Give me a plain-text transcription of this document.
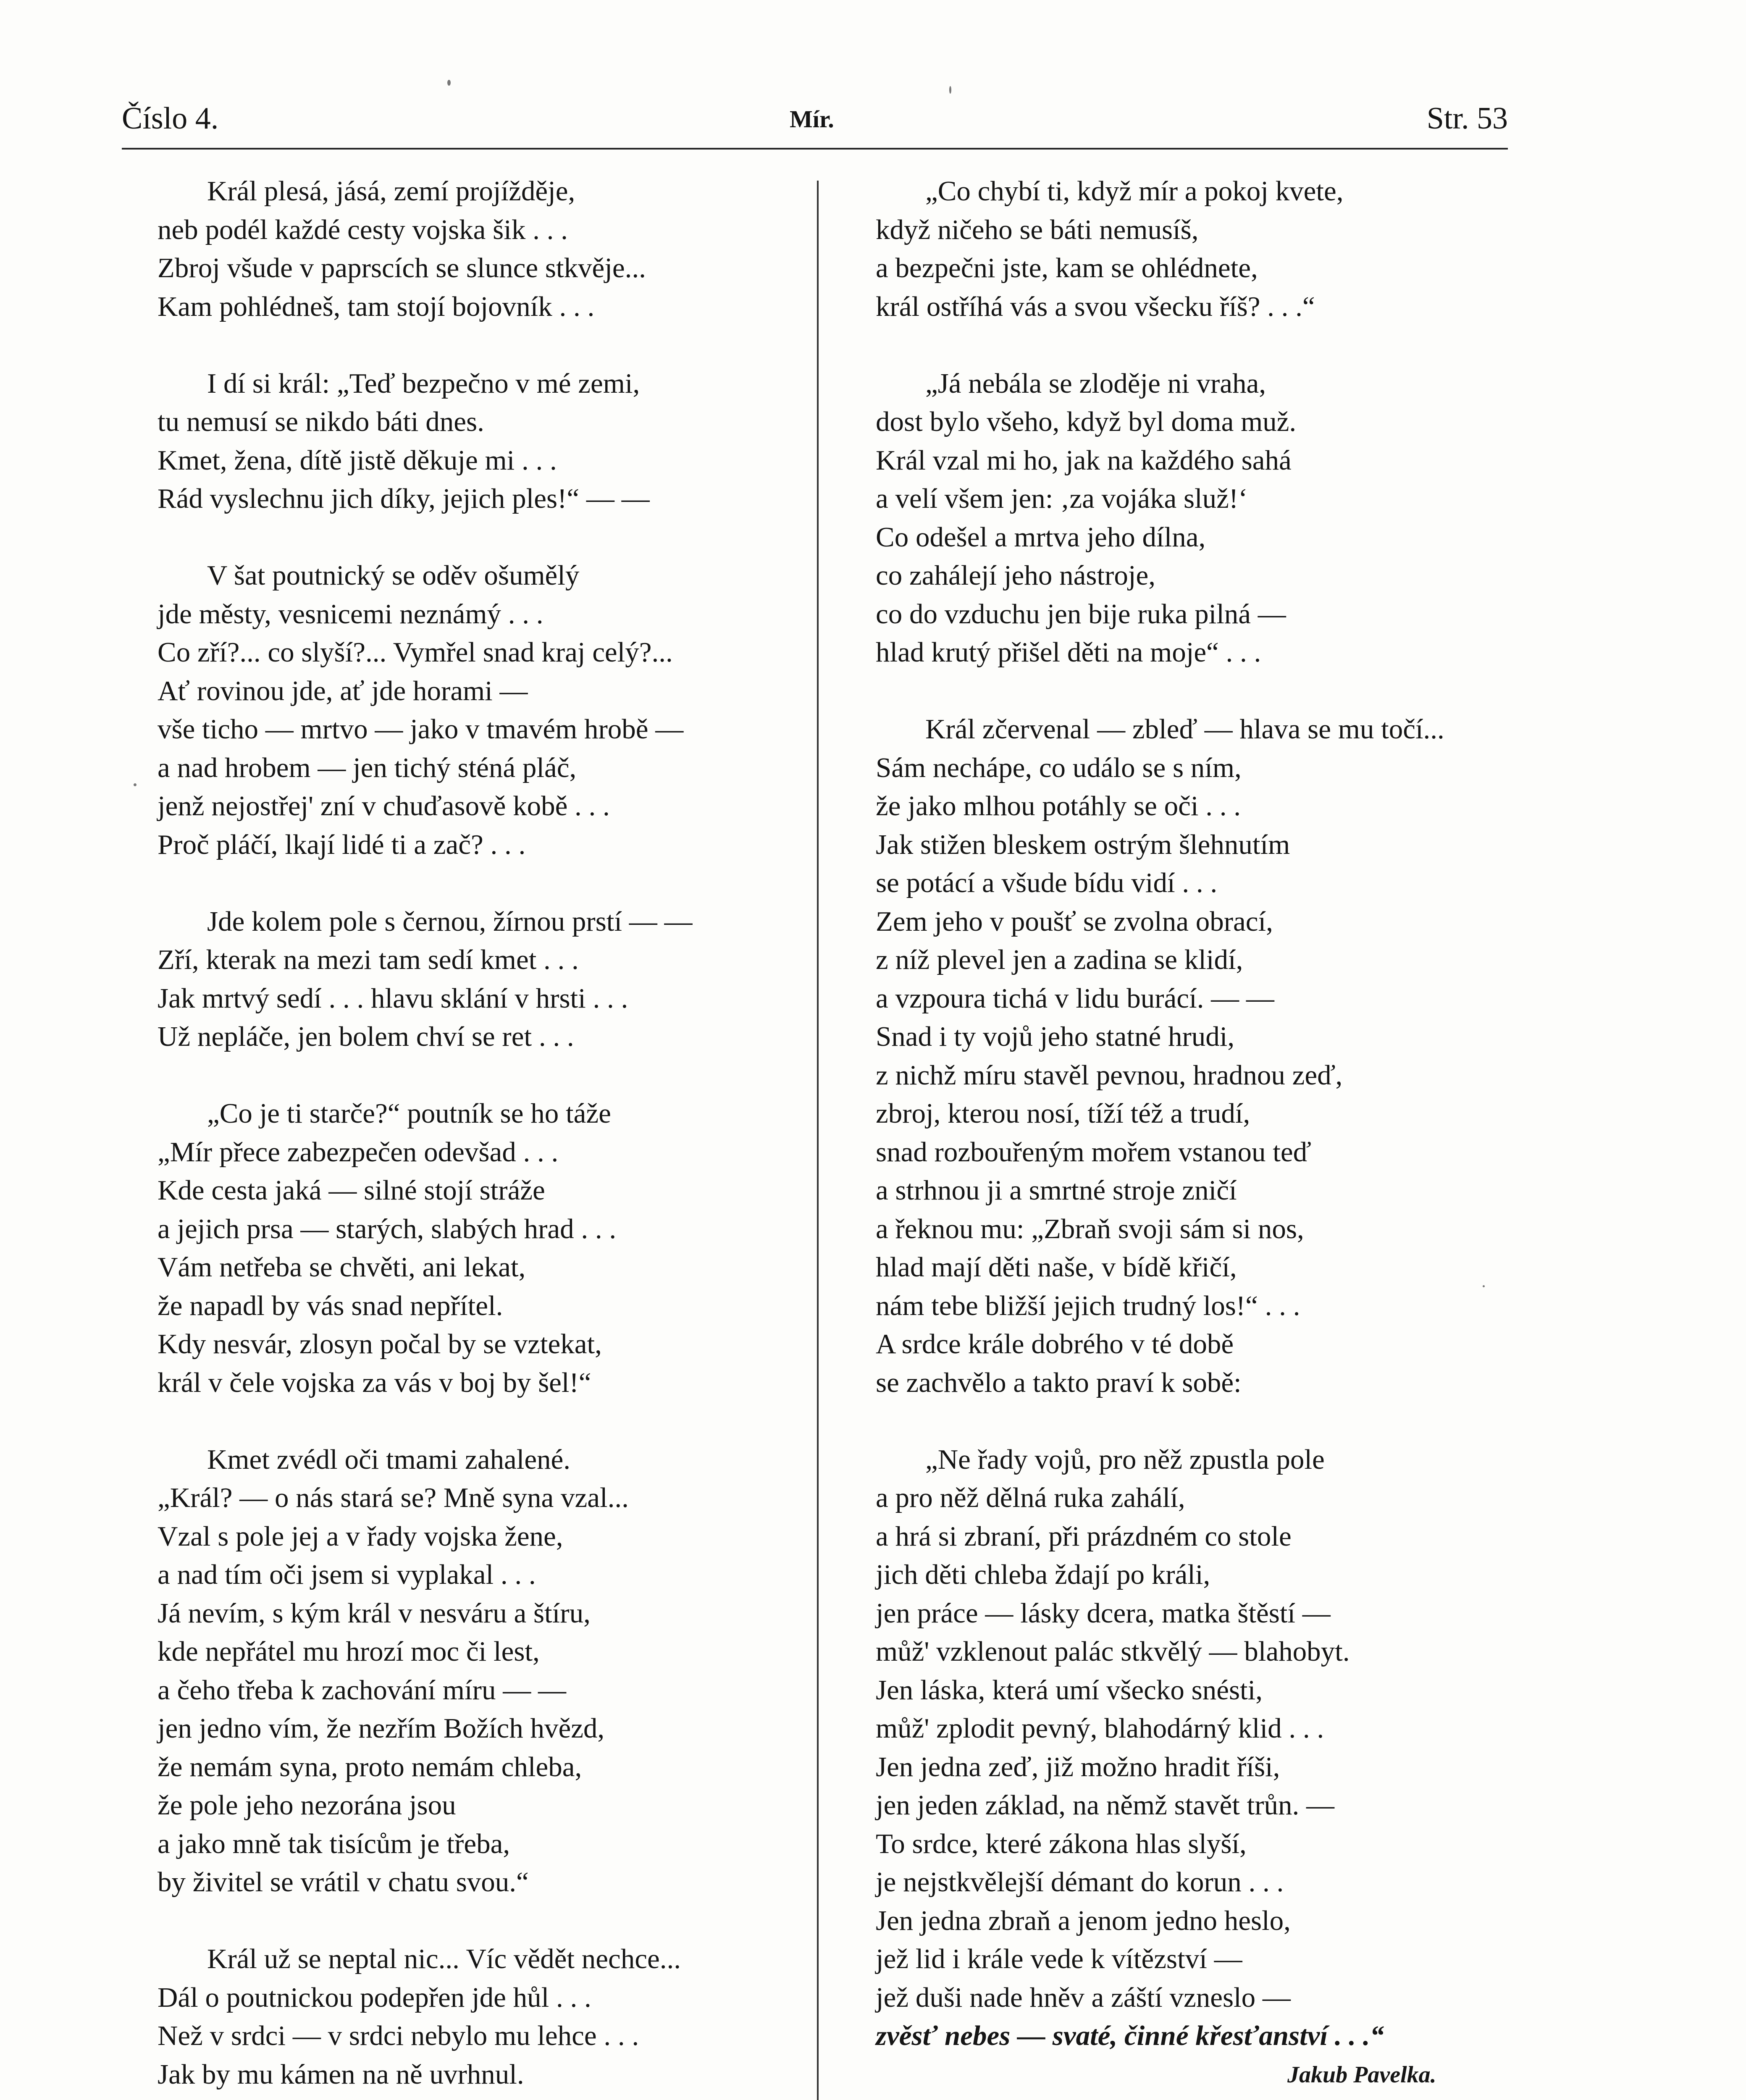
Číslo 4.	Mír.	Str. 53
Král plesá, jásá, zemí projížděje,
neb podél každé cesty vojska šik . . .
Zbroj všude v paprscích se slunce stkvěje...
Kam pohlédneš, tam stojí bojovník . . .
I dí si král: „Teď bezpečno v mé zemi,
tu nemusí se nikdo báti dnes.
Kmet, žena, dítě jistě děkuje mi . . .
Rád vyslechnu jich díky, jejich ples!“ — —
V šat poutnický se oděv ošumělý
jde městy, vesnicemi neznámý . . .
Co zří?... co slyší?... Vymřel snad kraj celý?...
Ať rovinou jde, ať jde horami —
vše ticho — mrtvo — jako v tmavém hrobě —
a nad hrobem — jen tichý sténá pláč,
jenž nejostřej' zní v chuďasově kobě . . .
Proč pláčí, lkají lidé ti a zač? . . .
Jde kolem pole s černou, žírnou prstí — —
Zří, kterak na mezi tam sedí kmet . . .
Jak mrtvý sedí . . . hlavu sklání v hrsti . . .
Už nepláče, jen bolem chví se ret . . .
„Co je ti starče?“ poutník se ho táže
„Mír přece zabezpečen odevšad . . .
Kde cesta jaká — silné stojí stráže
a jejich prsa — starých, slabých hrad . . .
Vám netřeba se chvěti, ani lekat,
že napadl by vás snad nepřítel.
Kdy nesvár, zlosyn počal by se vztekat,
král v čele vojska za vás v boj by šel!“
Kmet zvédl oči tmami zahalené.
„Král? — o nás stará se? Mně syna vzal...
Vzal s pole jej a v řady vojska žene,
a nad tím oči jsem si vyplakal . . .
Já nevím, s kým král v nesváru a štíru,
kde nepřátel mu hrozí moc či lest,
a čeho třeba k zachování míru — —
jen jedno vím, že nezřím Božích hvězd,
že nemám syna, proto nemám chleba,
že pole jeho nezorána jsou
a jako mně tak tisícům je třeba,
by živitel se vrátil v chatu svou.“
Král už se neptal nic... Víc vědět nechce...
Dál o poutnickou podepřen jde hůl . . .
Než v srdci — v srdci nebylo mu lehce . . .
Jak by mu kámen na ně uvrhnul.
„Co chybí ti, když mír a pokoj kvete,
když ničeho se báti nemusíš,
a bezpečni jste, kam se ohlédnete,
král ostříhá vás a svou všecku říš? . . .“
„Já nebála se zloděje ni vraha,
dost bylo všeho, když byl doma muž.
Král vzal mi ho, jak na každého sahá
a velí všem jen: ‚za vojáka služ!‘
Co odešel a mrtva jeho dílna,
co zahálejí jeho nástroje,
co do vzduchu jen bije ruka pilná —
hlad krutý přišel děti na moje“ . . .
Král zčervenal — zbleď — hlava se mu točí...
Sám nechápe, co událo se s ním,
že jako mlhou potáhly se oči . . .
Jak stižen bleskem ostrým šlehnutím
se potácí a všude bídu vidí . . .
Zem jeho v poušť se zvolna obrací,
z níž plevel jen a zadina se klidí,
a vzpoura tichá v lidu burácí. — —
Snad i ty vojů jeho statné hrudi,
z nichž míru stavěl pevnou, hradnou zeď,
zbroj, kterou nosí, tíží též a trudí,
snad rozbouřeným mořem vstanou teď
a strhnou ji a smrtné stroje zničí
a řeknou mu: „Zbraň svoji sám si nos,
hlad mají děti naše, v bídě křičí,
nám tebe bližší jejich trudný los!“ . . .
A srdce krále dobrého v té době
se zachvělo a takto praví k sobě:
„Ne řady vojů, pro něž zpustla pole
a pro něž dělná ruka zahálí,
a hrá si zbraní, při prázdném co stole
jich děti chleba ždají po králi,
jen práce — lásky dcera, matka štěstí —
můž' vzklenout palác stkvělý — blahobyt.
Jen láska, která umí všecko snésti,
můž' zplodit pevný, blahodárný klid . . .
Jen jedna zeď, již možno hradit říši,
jen jeden základ, na němž stavět trůn. —
To srdce, které zákona hlas slyší,
je nejstkvělejší démant do korun . . .
Jen jedna zbraň a jenom jedno heslo,
jež lid i krále vede k vítězství —
jež duši nade hněv a záští vzneslo —
zvěsť nebes — svaté, činné křesťanství . . .“
Jakub Pavelka.
